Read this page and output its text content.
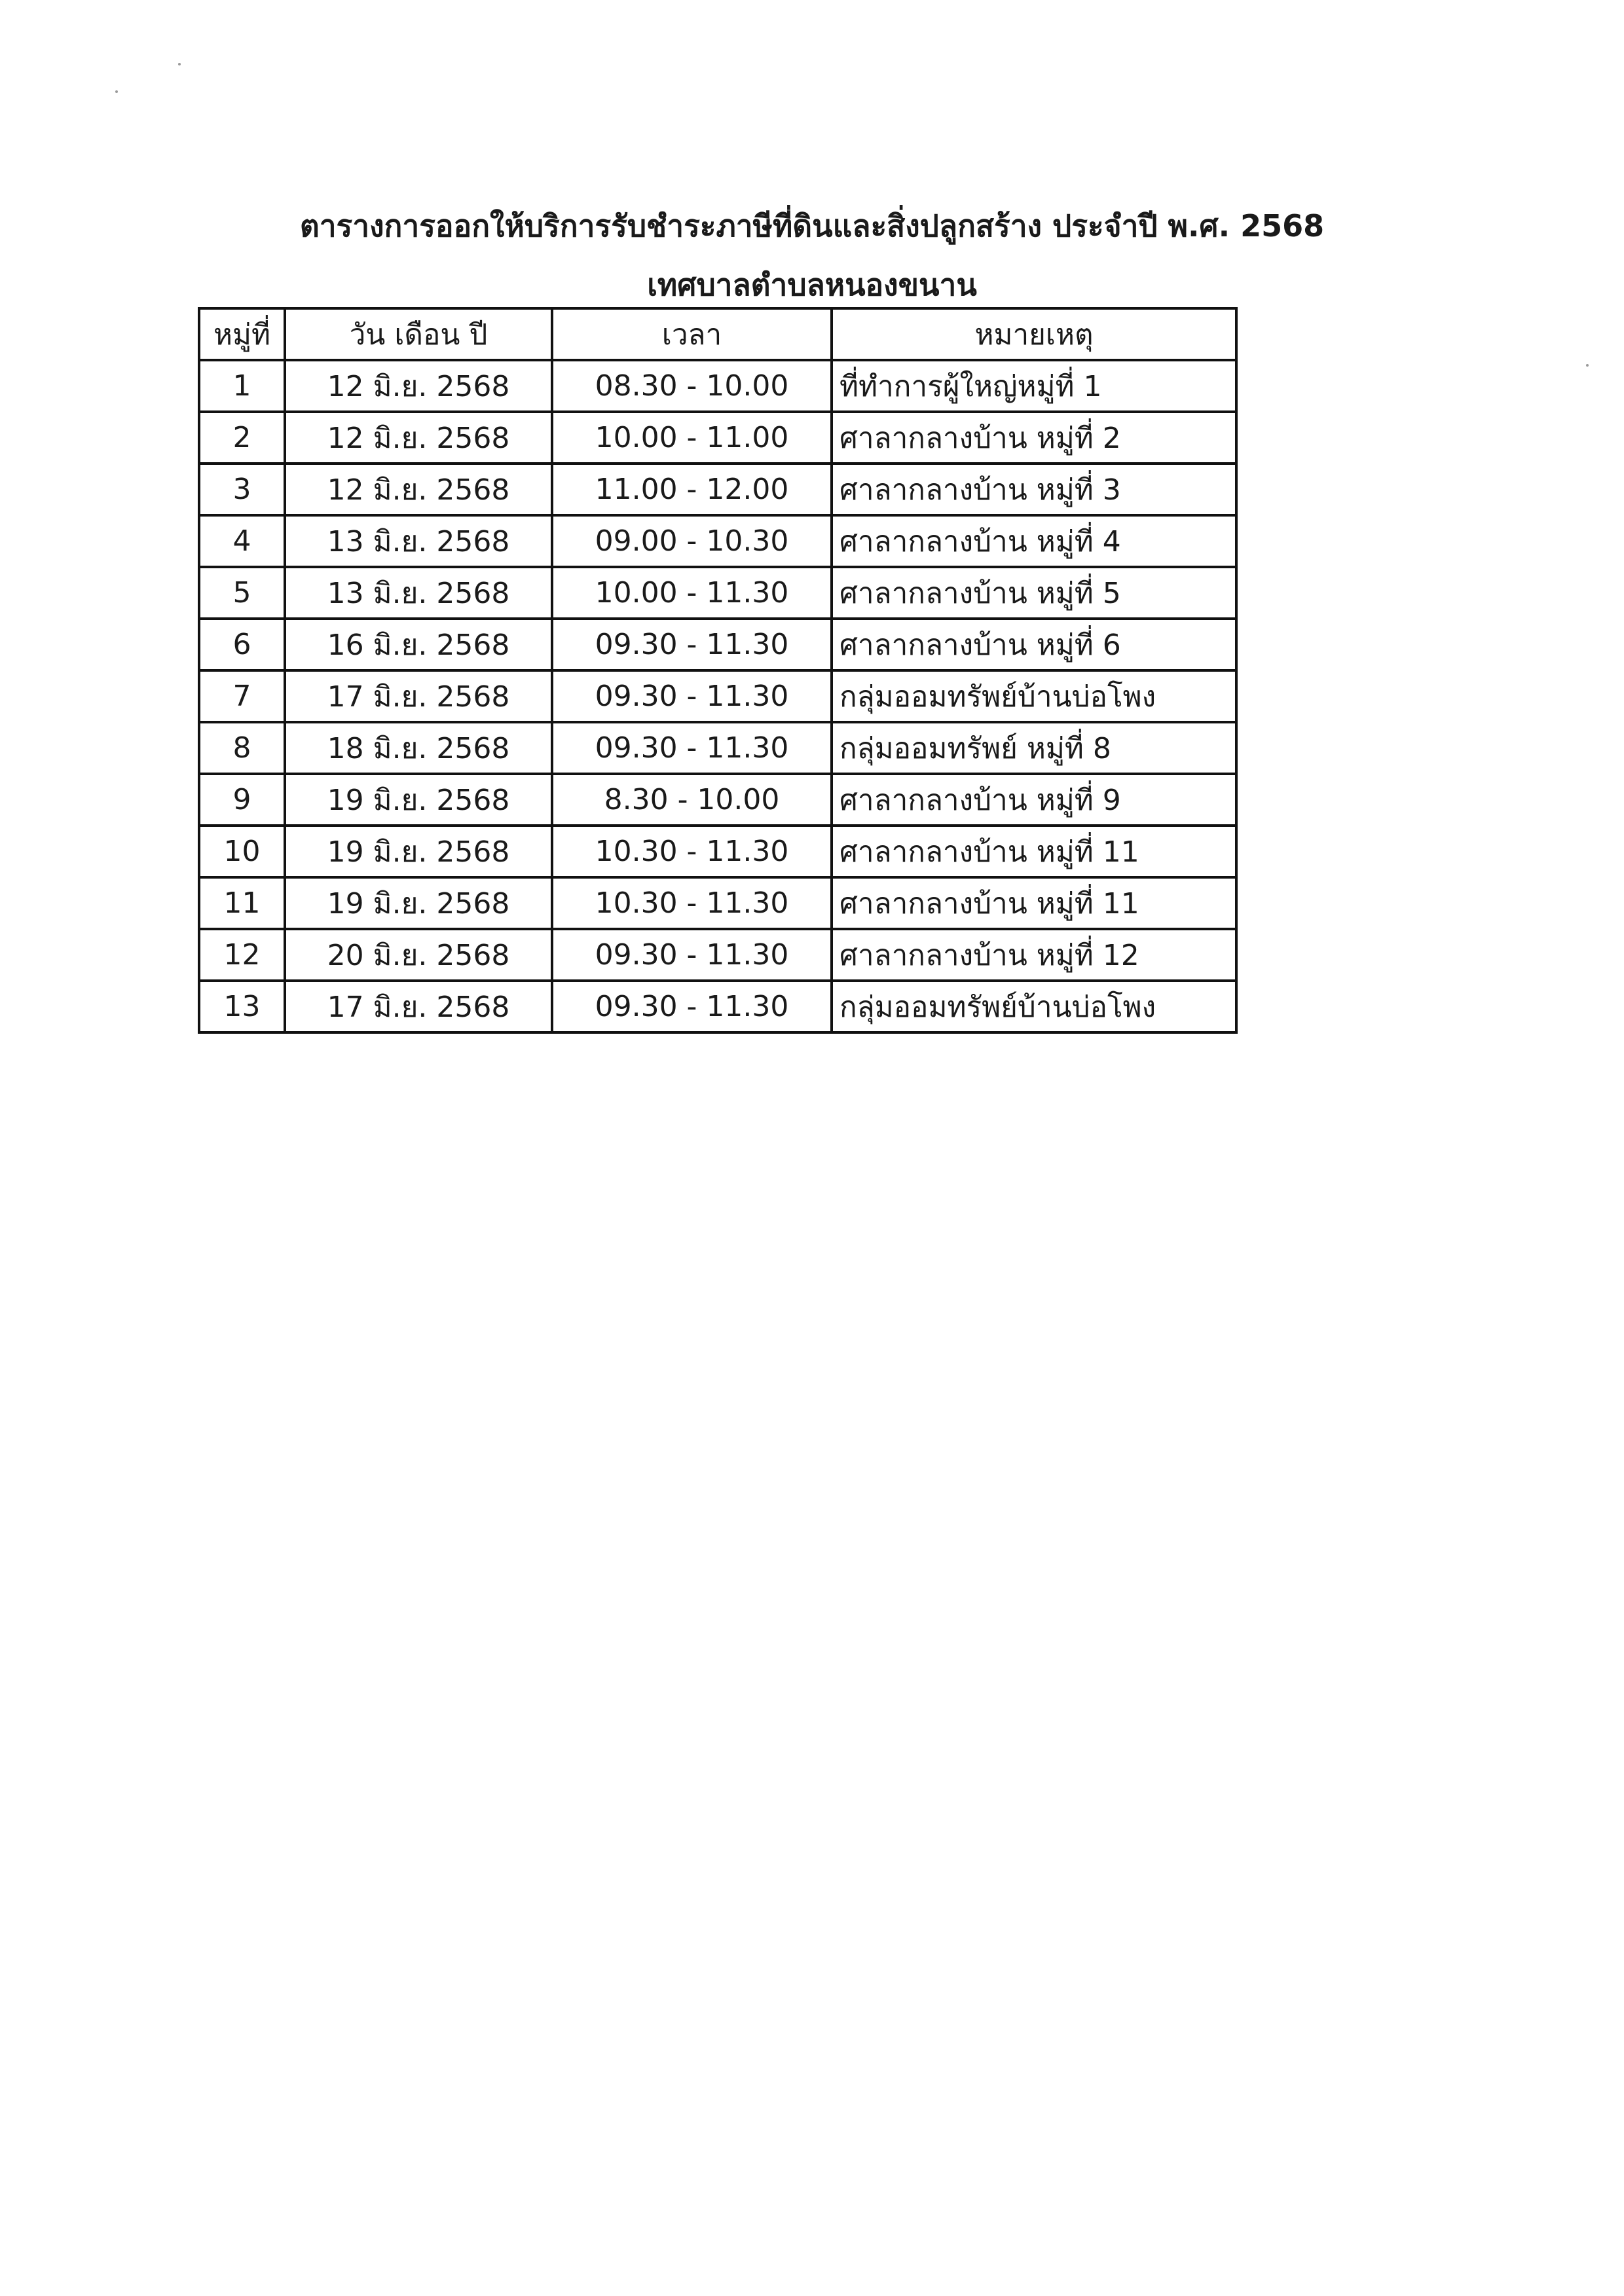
ตารางการออกให้บริการรับชำระภาษีที่ดินและสิ่งปลูกสร้าง ประจำปี พ.ศ. 2568
เทศบาลตำบลหนองขนาน
หมู่ที่	วัน เดือน ปี	เวลา	หมายเหตุ
1	12 มิ.ย. 2568	08.30 - 10.00	ที่ทำการผู้ใหญ่หมู่ที่ 1
2	12 มิ.ย. 2568	10.00 - 11.00	ศาลากลางบ้าน หมู่ที่ 2
3	12 มิ.ย. 2568	11.00 - 12.00	ศาลากลางบ้าน หมู่ที่ 3
4	13 มิ.ย. 2568	09.00 - 10.30	ศาลากลางบ้าน หมู่ที่ 4
5	13 มิ.ย. 2568	10.00 - 11.30	ศาลากลางบ้าน หมู่ที่ 5
6	16 มิ.ย. 2568	09.30 - 11.30	ศาลากลางบ้าน หมู่ที่ 6
7	17 มิ.ย. 2568	09.30 - 11.30	กลุ่มออมทรัพย์บ้านบ่อโพง
8	18 มิ.ย. 2568	09.30 - 11.30	กลุ่มออมทรัพย์ หมู่ที่ 8
9	19 มิ.ย. 2568	8.30 - 10.00	ศาลากลางบ้าน หมู่ที่ 9
10	19 มิ.ย. 2568	10.30 - 11.30	ศาลากลางบ้าน หมู่ที่ 11
11	19 มิ.ย. 2568	10.30 - 11.30	ศาลากลางบ้าน หมู่ที่ 11
12	20 มิ.ย. 2568	09.30 - 11.30	ศาลากลางบ้าน หมู่ที่ 12
13	17 มิ.ย. 2568	09.30 - 11.30	กลุ่มออมทรัพย์บ้านบ่อโพง
